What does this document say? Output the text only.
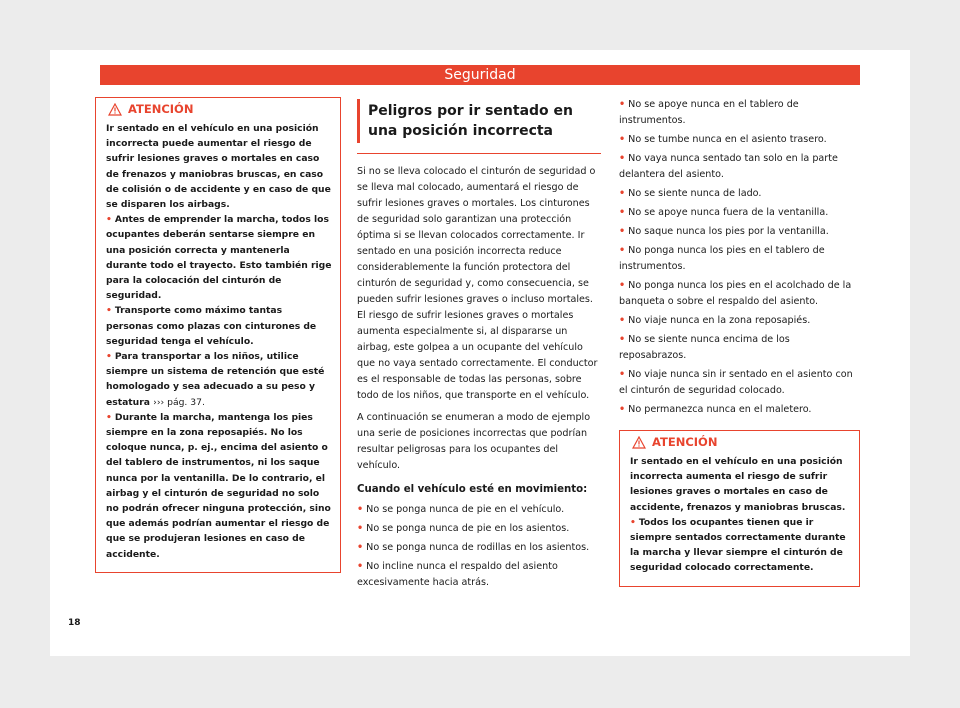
Seguridad
ATENCIÓN

Ir sentado en el vehículo en una posición incorrecta puede aumentar el riesgo de sufrir lesiones graves o mortales en caso de frenazos y maniobras bruscas, en caso de colisión o de accidente y en caso de que se disparen los airbags.

• Antes de emprender la marcha, todos los ocupantes deberán sentarse siempre en una posición correcta y mantenerla durante todo el trayecto. Esto también rige para la colocación del cinturón de seguridad.

• Transporte como máximo tantas personas como plazas con cinturones de seguridad tenga el vehículo.

• Para transportar a los niños, utilice siempre un sistema de retención que esté homologado y sea adecuado a su peso y estatura ››› pág. 37.

• Durante la marcha, mantenga los pies siempre en la zona reposapiés. No los coloque nunca, p. ej., encima del asiento o del tablero de instrumentos, ni los saque nunca por la ventanilla. De lo contrario, el airbag y el cinturón de seguridad no solo no podrán ofrecer ninguna protección, sino que además podrían aumentar el riesgo de que se produjeran lesiones en caso de accidente.

Peligros por ir sentado en una posición incorrecta

Si no se lleva colocado el cinturón de seguridad o se lleva mal colocado, aumentará el riesgo de sufrir lesiones graves o mortales. Los cinturones de seguridad solo garantizan una protección óptima si se llevan colocados correctamente. Ir sentado en una posición incorrecta reduce considerablemente la función protectora del cinturón de seguridad y, como consecuencia, se pueden sufrir lesiones graves o incluso mortales. El riesgo de sufrir lesiones graves o mortales aumenta especialmente si, al dispararse un airbag, este golpea a un ocupante del vehículo que no vaya sentado correctamente. El conductor es el responsable de todas las personas, sobre todo de los niños, que transporte en el vehículo.

A continuación se enumeran a modo de ejemplo una serie de posiciones incorrectas que podrían resultar peligrosas para los ocupantes del vehículo.

Cuando el vehículo esté en movimiento:

• No se ponga nunca de pie en el vehículo.

• No se ponga nunca de pie en los asientos.

• No se ponga nunca de rodillas en los asientos.

• No incline nunca el respaldo del asiento excesivamente hacia atrás.

• No se apoye nunca en el tablero de instrumentos.

• No se tumbe nunca en el asiento trasero.

• No vaya nunca sentado tan solo en la parte delantera del asiento.

• No se siente nunca de lado.

• No se apoye nunca fuera de la ventanilla.

• No saque nunca los pies por la ventanilla.

• No ponga nunca los pies en el tablero de instrumentos.

• No ponga nunca los pies en el acolchado de la banqueta o sobre el respaldo del asiento.

• No viaje nunca en la zona reposapiés.

• No se siente nunca encima de los reposabrazos.

• No viaje nunca sin ir sentado en el asiento con el cinturón de seguridad colocado.

• No permanezca nunca en el maletero.

ATENCIÓN

Ir sentado en el vehículo en una posición incorrecta aumenta el riesgo de sufrir lesiones graves o mortales en caso de accidente, frenazos y maniobras bruscas.

• Todos los ocupantes tienen que ir siempre sentados correctamente durante la marcha y llevar siempre el cinturón de seguridad colocado correctamente.

18
